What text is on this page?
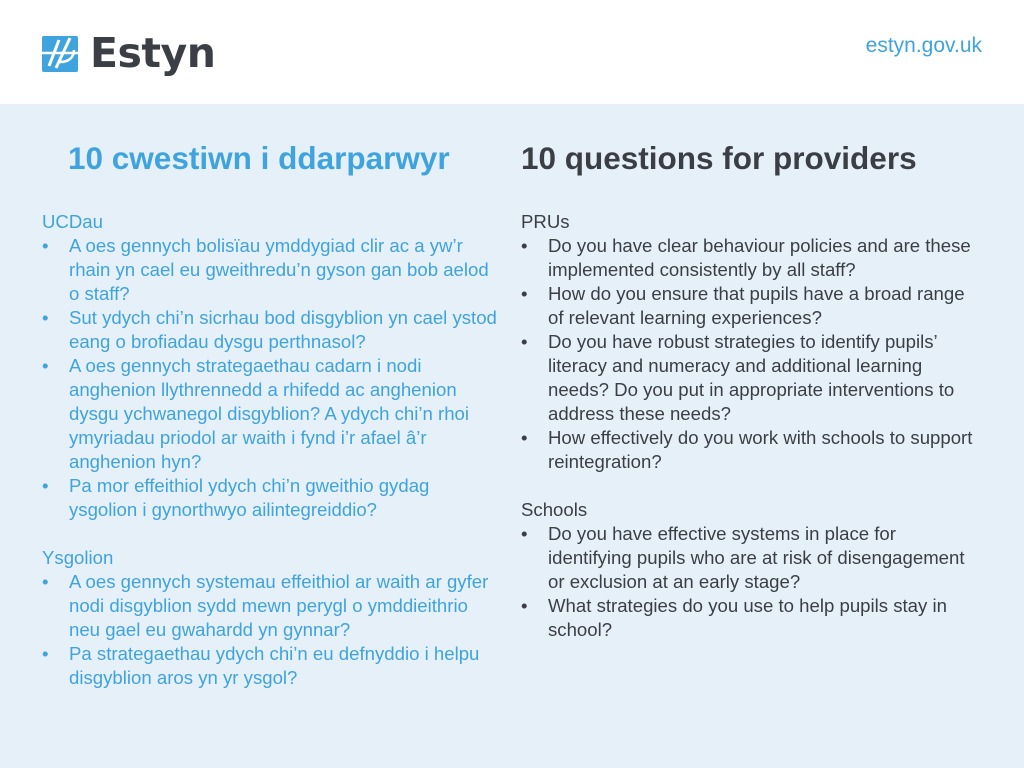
Estyn	estyn.gov.uk
10 cwestiwn i ddarparwyr 10 questions for providers
UCDau
• A oes gennych bolisïau ymddygiad clir ac a yw’r rhain yn cael eu gweithredu’n gyson gan bob aelod o staff?
• Sut ydych chi’n sicrhau bod disgyblion yn cael ystod eang o brofiadau dysgu perthnasol?
• A oes gennych strategaethau cadarn i nodi anghenion llythrennedd a rhifedd ac anghenion dysgu ychwanegol disgyblion? A ydych chi’n rhoi ymyriadau priodol ar waith i fynd i’r afael â’r anghenion hyn?
• Pa mor effeithiol ydych chi’n gweithio gydag ysgolion i gynorthwyo ailintegreiddio?
Ysgolion
• A oes gennych systemau effeithiol ar waith ar gyfer nodi disgyblion sydd mewn perygl o ymddieithrio neu gael eu gwahardd yn gynnar?
• Pa strategaethau ydych chi’n eu defnyddio i helpu disgyblion aros yn yr ysgol?
PRUs
• Do you have clear behaviour policies and are these implemented consistently by all staff?
• How do you ensure that pupils have a broad range of relevant learning experiences?
• Do you have robust strategies to identify pupils’ literacy and numeracy and additional learning needs? Do you put in appropriate interventions to address these needs?
• How effectively do you work with schools to support reintegration?
Schools
• Do you have effective systems in place for identifying pupils who are at risk of disengagement or exclusion at an early stage?
• What strategies do you use to help pupils stay in school?
